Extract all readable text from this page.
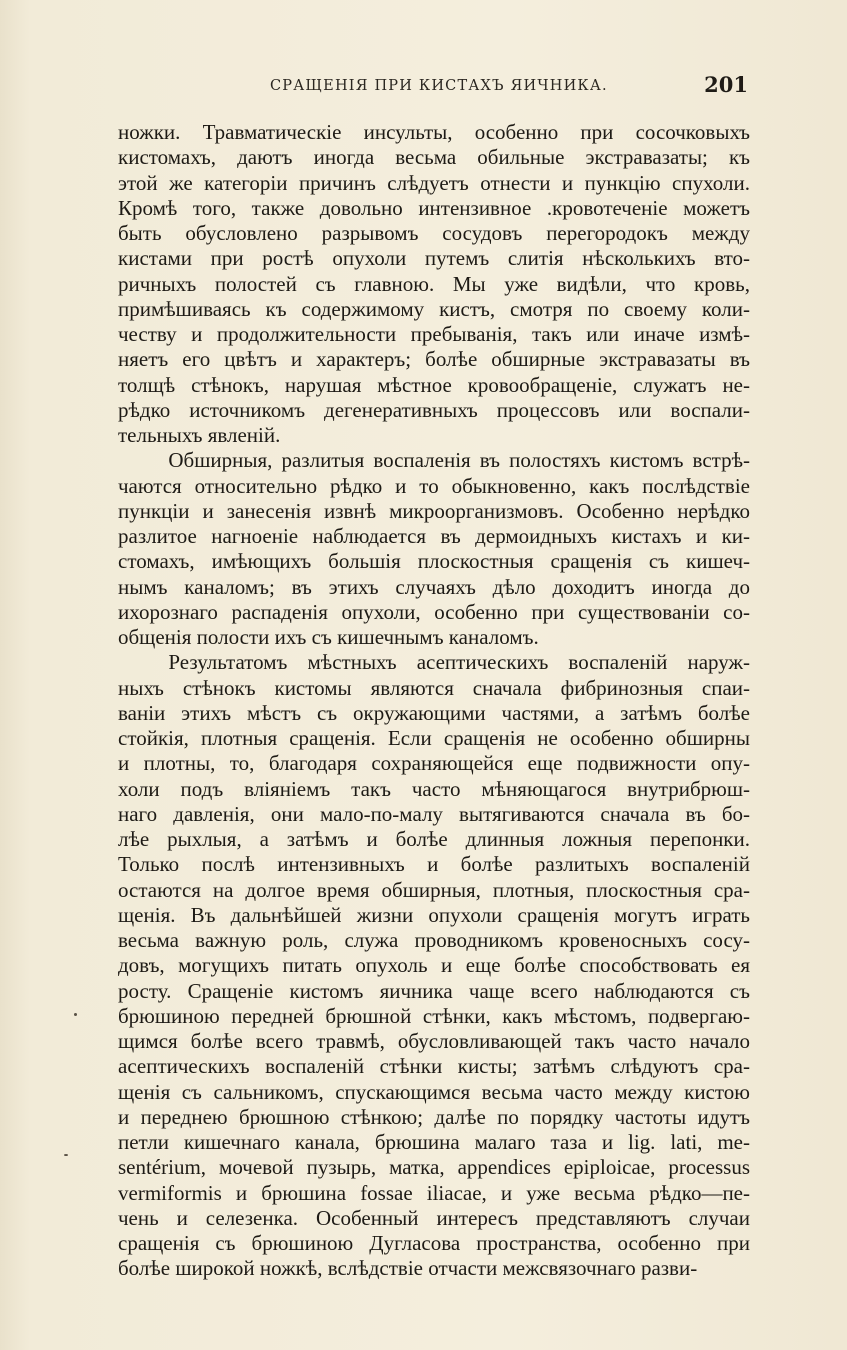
СРАЩЕНІЯ ПРИ КИСТАХЪ ЯИЧНИКА.	201
ножки. Травматическіе инсульты, особенно при сосочковыхъ
кистомахъ, даютъ иногда весьма обильные экстравазаты; къ
этой же категоріи причинъ слѣдуетъ отнести и пункцію спухоли.
Кромѣ того, также довольно интензивное .кровотеченіе можетъ
быть обусловлено разрывомъ сосудовъ перегородокъ между
кистами при ростѣ опухоли путемъ слитія нѣсколькихъ вто-
ричныхъ полостей съ главною. Мы уже видѣли, что кровь,
примѣшиваясь къ содержимому кистъ, смотря по своему коли-
честву и продолжительности пребыванія, такъ или иначе измѣ-
няетъ его цвѣтъ и характеръ; болѣе обширные экстравазаты въ
толщѣ стѣнокъ, нарушая мѣстное кровообращеніе, служатъ не-
рѣдко источникомъ дегенеративныхъ процессовъ или воспали-
тельныхъ явленій.
Обширныя, разлитыя воспаленія въ полостяхъ кистомъ встрѣ-
чаются относительно рѣдко и то обыкновенно, какъ послѣдствіе
пункціи и занесенія извнѣ микроорганизмовъ. Особенно нерѣдко
разлитое нагноеніе наблюдается въ дермоидныхъ кистахъ и ки-
стомахъ, имѣющихъ большія плоскостныя сращенія съ кишеч-
нымъ каналомъ; въ этихъ случаяхъ дѣло доходитъ иногда до
ихорознаго распаденія опухоли, особенно при существованіи со-
общенія полости ихъ съ кишечнымъ каналомъ.
Результатомъ мѣстныхъ асептическихъ воспаленій наруж-
ныхъ стѣнокъ кистомы являются сначала фибринозныя спаи-
ваніи этихъ мѣстъ съ окружающими частями, а затѣмъ болѣе
стойкія, плотныя сращенія. Если сращенія не особенно обширны
и плотны, то, благодаря сохраняющейся еще подвижности опу-
холи подъ вліяніемъ такъ часто мѣняющагося внутрибрюш-
наго давленія, они мало-по-малу вытягиваются сначала въ бо-
лѣе рыхлыя, а затѣмъ и болѣе длинныя ложныя перепонки.
Только послѣ интензивныхъ и болѣе разлитыхъ воспаленій
остаются на долгое время обширныя, плотныя, плоскостныя сра-
щенія. Въ дальнѣйшей жизни опухоли сращенія могутъ играть
весьма важную роль, служа проводникомъ кровеносныхъ сосу-
довъ, могущихъ питать опухоль и еще болѣе способствовать ея
росту. Сращеніе кистомъ яичника чаще всего наблюдаются съ
брюшиною передней брюшной стѣнки, какъ мѣстомъ, подвергаю-
щимся болѣе всего травмѣ, обусловливающей такъ часто начало
асептическихъ воспаленій стѣнки кисты; затѣмъ слѣдуютъ сра-
щенія съ сальникомъ, спускающимся весьма часто между кистою
и переднею брюшною стѣнкою; далѣе по порядку частоты идутъ
петли кишечнаго канала, брюшина малаго таза и lig. lati, me-
sentérium, мочевой пузырь, матка, appendices epiploicae, processus
vermiformis и брюшина fossae iliacae, и уже весьма рѣдко—пе-
чень и селезенка. Особенный интересъ представляютъ случаи
сращенія съ брюшиною Дугласова пространства, особенно при
болѣе широкой ножкѣ, вслѣдствіе отчасти межсвязочнаго разви-
